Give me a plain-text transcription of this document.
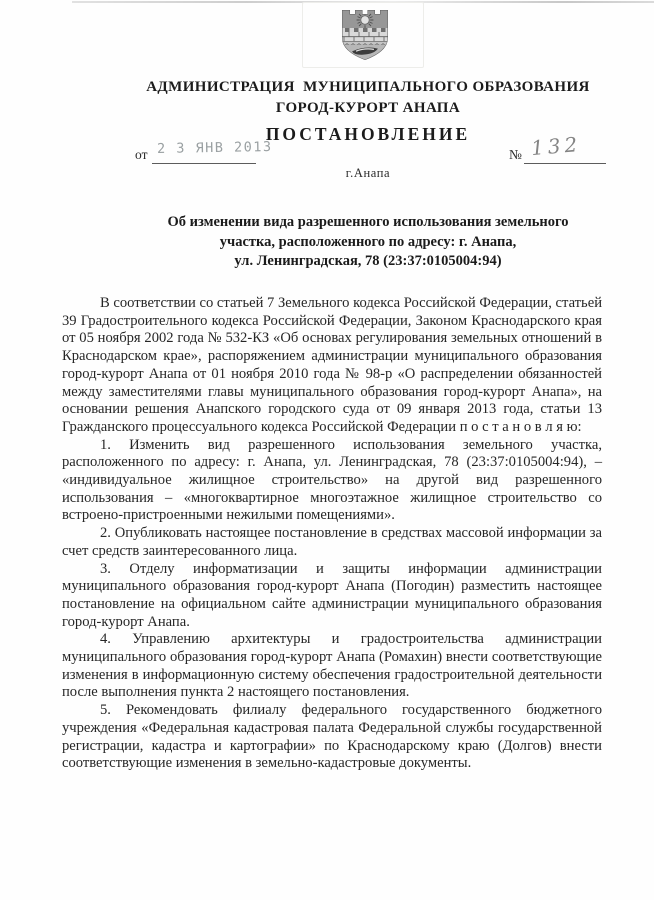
АДМИНИСТРАЦИЯ  МУНИЦИПАЛЬНОГО ОБРАЗОВАНИЯ
ГОРОД-КУРОРТ АНАПА
ПОСТАНОВЛЕНИЕ
от 2 3 ЯНВ 2013	№ 132
г.Анапа
Об изменении вида разрешенного использования земельного
участка, расположенного по адресу: г. Анапа,
ул. Ленинградская, 78 (23:37:0105004:94)

В соответствии со статьей 7 Земельного кодекса Российской Федерации, статьей 39 Градостроительного кодекса Российской Федерации, Законом Краснодарского края от 05 ноября 2002 года № 532-КЗ «Об основах регулирования земельных отношений в Краснодарском крае», распоряжением администрации муниципального образования город-курорт Анапа от 01 ноября 2010 года № 98-р «О распределении обязанностей между заместителями главы муниципального образования город-курорт Анапа», на основании решения Анапского городского суда от 09 января 2013 года, статьи 13 Гражданского процессуального кодекса Российской Федерации п о с т а н о в л я ю:

1. Изменить вид разрешенного использования земельного участка, расположенного по адресу: г. Анапа, ул. Ленинградская, 78 (23:37:0105004:94), – «индивидуальное жилищное строительство» на другой вид разрешенного использования – «многоквартирное многоэтажное жилищное строительство со встроено-пристроенными нежилыми помещениями».

2. Опубликовать настоящее постановление в средствах массовой информации за счет средств заинтересованного лица.

3. Отделу информатизации и защиты информации администрации муниципального образования город-курорт Анапа (Погодин) разместить настоящее постановление на официальном сайте администрации муниципального образования город-курорт Анапа.

4. Управлению архитектуры и градостроительства администрации муниципального образования город-курорт Анапа (Ромахин) внести соответствующие изменения в информационную систему обеспечения градостроительной деятельности после выполнения пункта 2 настоящего постановления.

5. Рекомендовать филиалу федерального государственного бюджетного учреждения «Федеральная кадастровая палата Федеральной службы государственной регистрации, кадастра и картографии» по Краснодарскому краю (Долгов) внести соответствующие изменения в земельно-кадастровые документы.
